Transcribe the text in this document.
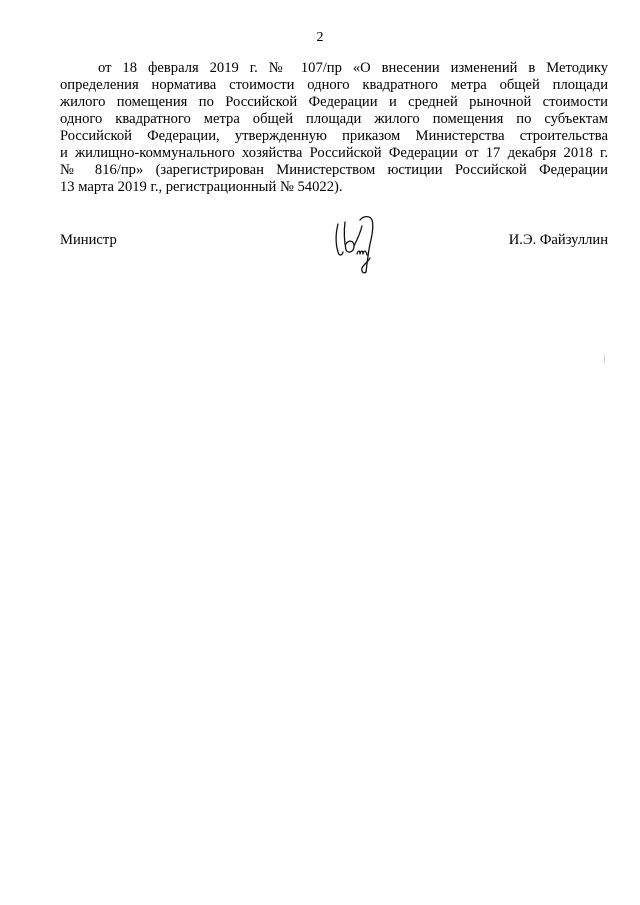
2

от 18 февраля 2019 г. № 107/пр «О внесении изменений в Методику
определения норматива стоимости одного квадратного метра общей площади
жилого помещения по Российской Федерации и средней рыночной стоимости
одного квадратного метра общей площади жилого помещения по субъектам
Российской Федерации, утвержденную приказом Министерства строительства
и жилищно-коммунального хозяйства Российской Федерации от 17 декабря 2018 г.
№ 816/пр» (зарегистрирован Министерством юстиции Российской Федерации
13 марта 2019 г., регистрационный № 54022).

Министр	И.Э. Файзуллин
